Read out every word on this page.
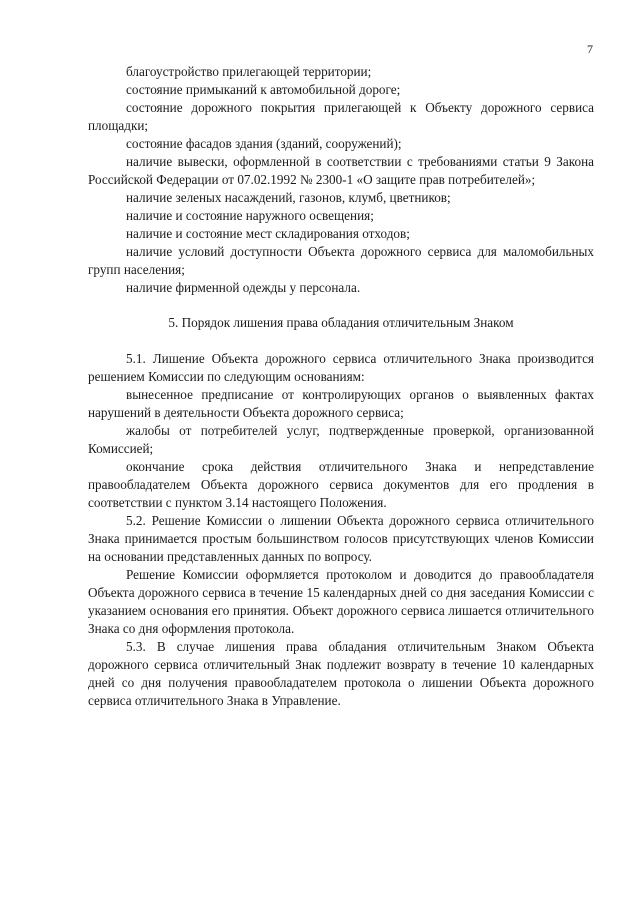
7

благоустройство прилегающей территории;

состояние примыканий к автомобильной дороге;

состояние дорожного покрытия прилегающей к Объекту дорожного сервиса площадки;

состояние фасадов здания (зданий, сооружений);

наличие вывески, оформленной в соответствии с требованиями статьи 9 Закона Российской Федерации от 07.02.1992 № 2300-1 «О защите прав потребителей»;

наличие зеленых насаждений, газонов, клумб, цветников;

наличие и состояние наружного освещения;

наличие и состояние мест складирования отходов;

наличие условий доступности Объекта дорожного сервиса для маломобильных групп населения;

наличие фирменной одежды у персонала.

5. Порядок лишения права обладания отличительным Знаком

5.1. Лишение Объекта дорожного сервиса отличительного Знака производится решением Комиссии по следующим основаниям:

вынесенное предписание от контролирующих органов о выявленных фактах нарушений в деятельности Объекта дорожного сервиса;

жалобы от потребителей услуг, подтвержденные проверкой, организованной Комиссией;

окончание срока действия отличительного Знака и непредставление правообладателем Объекта дорожного сервиса документов для его продления в соответствии с пунктом 3.14 настоящего Положения.

5.2. Решение Комиссии о лишении Объекта дорожного сервиса отличительного Знака принимается простым большинством голосов присутствующих членов Комиссии на основании представленных данных по вопросу.

Решение Комиссии оформляется протоколом и доводится до правообладателя Объекта дорожного сервиса в течение 15 календарных дней со дня заседания Комиссии с указанием основания его принятия. Объект дорожного сервиса лишается отличительного Знака со дня оформления протокола.

5.3. В случае лишения права обладания отличительным Знаком Объекта дорожного сервиса отличительный Знак подлежит возврату в течение 10 календарных дней со дня получения правообладателем протокола о лишении Объекта дорожного сервиса отличительного Знака в Управление.
